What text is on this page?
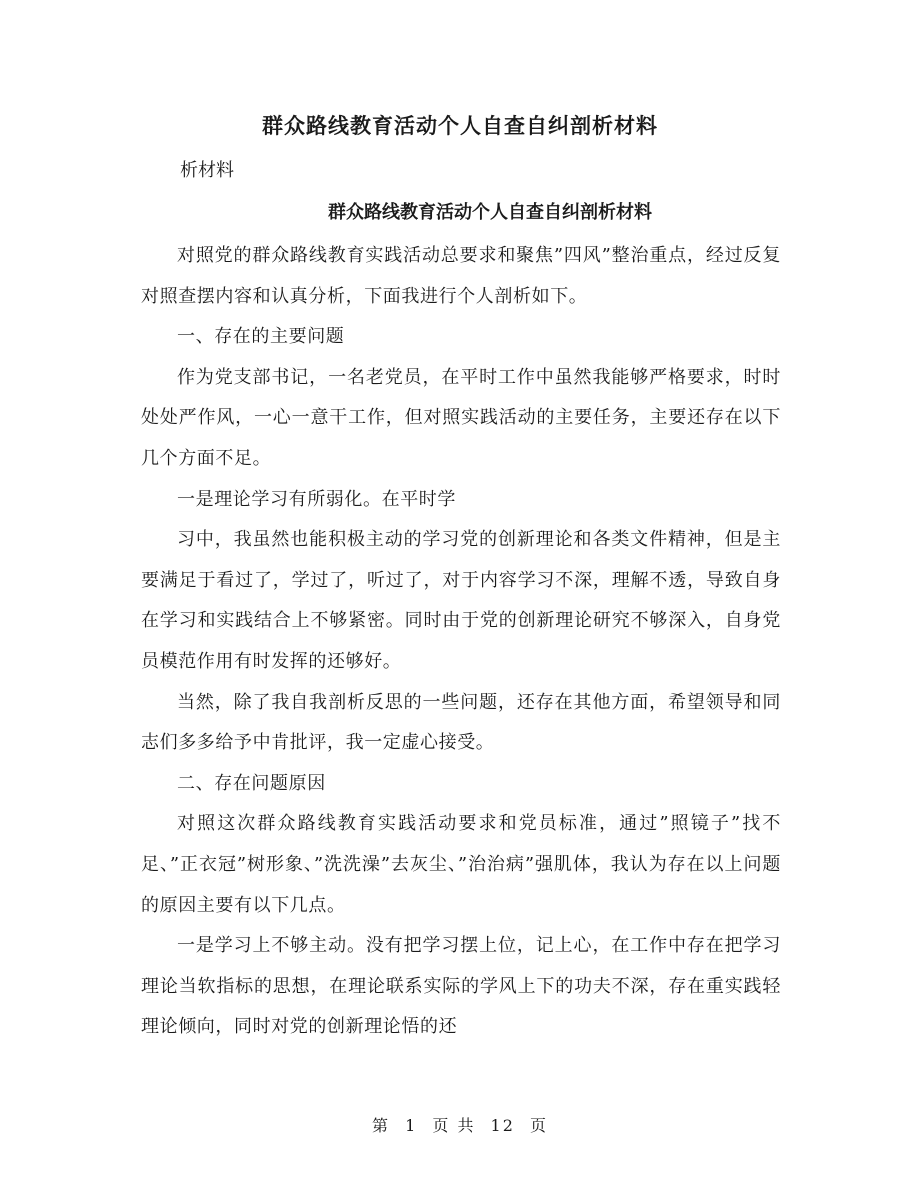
群众路线教育活动个人自查自纠剖析材料
析材料
群众路线教育活动个人自查自纠剖析材料

对照党的群众路线教育实践活动总要求和聚焦”四风”整治重点，经过反复对照查摆内容和认真分析，下面我进行个人剖析如下。

一、存在的主要问题

作为党支部书记，一名老党员，在平时工作中虽然我能够严格要求，时时处处严作风，一心一意干工作，但对照实践活动的主要任务，主要还存在以下几个方面不足。

一是理论学习有所弱化。在平时学

习中，我虽然也能积极主动的学习党的创新理论和各类文件精神，但是主要满足于看过了，学过了，听过了，对于内容学习不深，理解不透，导致自身在学习和实践结合上不够紧密。同时由于党的创新理论研究不够深入，自身党员模范作用有时发挥的还够好。

当然，除了我自我剖析反思的一些问题，还存在其他方面，希望领导和同志们多多给予中肯批评，我一定虚心接受。

二、存在问题原因

对照这次群众路线教育实践活动要求和党员标准，通过”照镜子”找不足、”正衣冠”树形象、”洗洗澡”去灰尘、”治治病”强肌体，我认为存在以上问题的原因主要有以下几点。

一是学习上不够主动。没有把学习摆上位，记上心，在工作中存在把学习理论当软指标的思想，在理论联系实际的学风上下的功夫不深，存在重实践轻理论倾向，同时对党的创新理论悟的还

第 1 页 共 12 页
